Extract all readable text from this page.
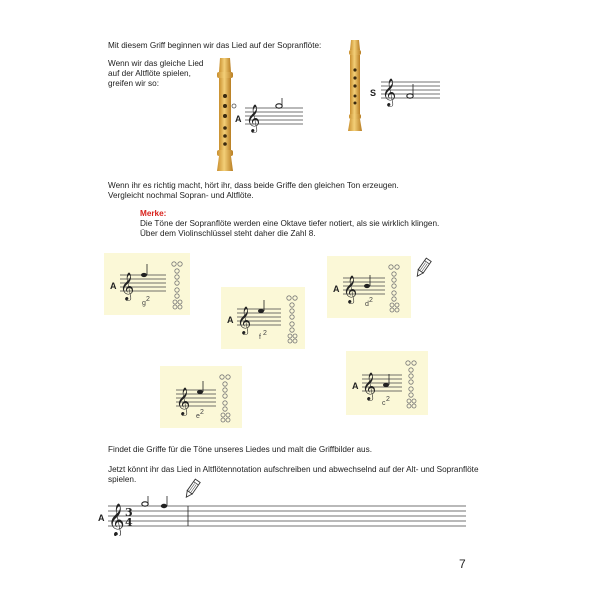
Mit diesem Griff beginnen wir das Lied auf der Sopranflöte:
Wenn wir das gleiche Lied
auf der Altflöte spielen,
greifen wir so:
A 𝄞
S 𝄞
Wenn ihr es richtig macht, hört ihr, dass beide Griffe den gleichen Ton erzeugen.
Vergleicht nochmal Sopran- und Altflöte.
Merke:
Die Töne der Sopranflöte werden eine Oktave tiefer notiert, als sie wirklich klingen.
Über dem Violinschlüssel steht daher die Zahl 8.
A 𝄞
g
2
A 𝄞
f
2
A 𝄞
d
2
A 𝄞
c
2
𝄞
e
2
Findet die Griffe für die Töne unseres Liedes und malt die Griffbilder aus.
Jetzt könnt ihr das Lied in Altflötennotation aufschreiben und abwechselnd auf der Alt- und Sopranflöte
spielen.
A 𝄞 3
4
7
